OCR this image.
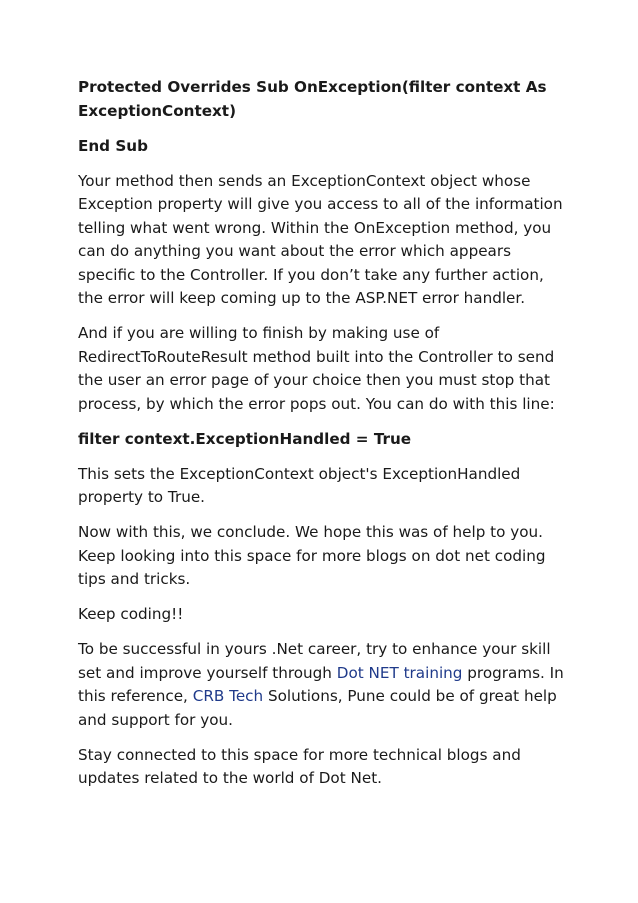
Protected Overrides Sub OnException(filter context As ExceptionContext)

End Sub

Your method then sends an ExceptionContext object whose Exception property will give you access to all of the information telling what went wrong. Within the OnException method, you can do anything you want about the error which appears specific to the Controller. If you don’t take any further action, the error will keep coming up to the ASP.NET error handler.

And if you are willing to finish by making use of RedirectToRouteResult method built into the Controller to send the user an error page of your choice then you must stop that process, by which the error pops out. You can do with this line:

filter context.ExceptionHandled = True

This sets the ExceptionContext object's ExceptionHandled property to True.

Now with this, we conclude. We hope this was of help to you. Keep looking into this space for more blogs on dot net coding tips and tricks.

Keep coding!!

To be successful in yours .Net career, try to enhance your skill set and improve yourself through Dot NET training programs. In this reference, CRB Tech Solutions, Pune could be of great help and support for you.

Stay connected to this space for more technical blogs and updates related to the world of Dot Net.
